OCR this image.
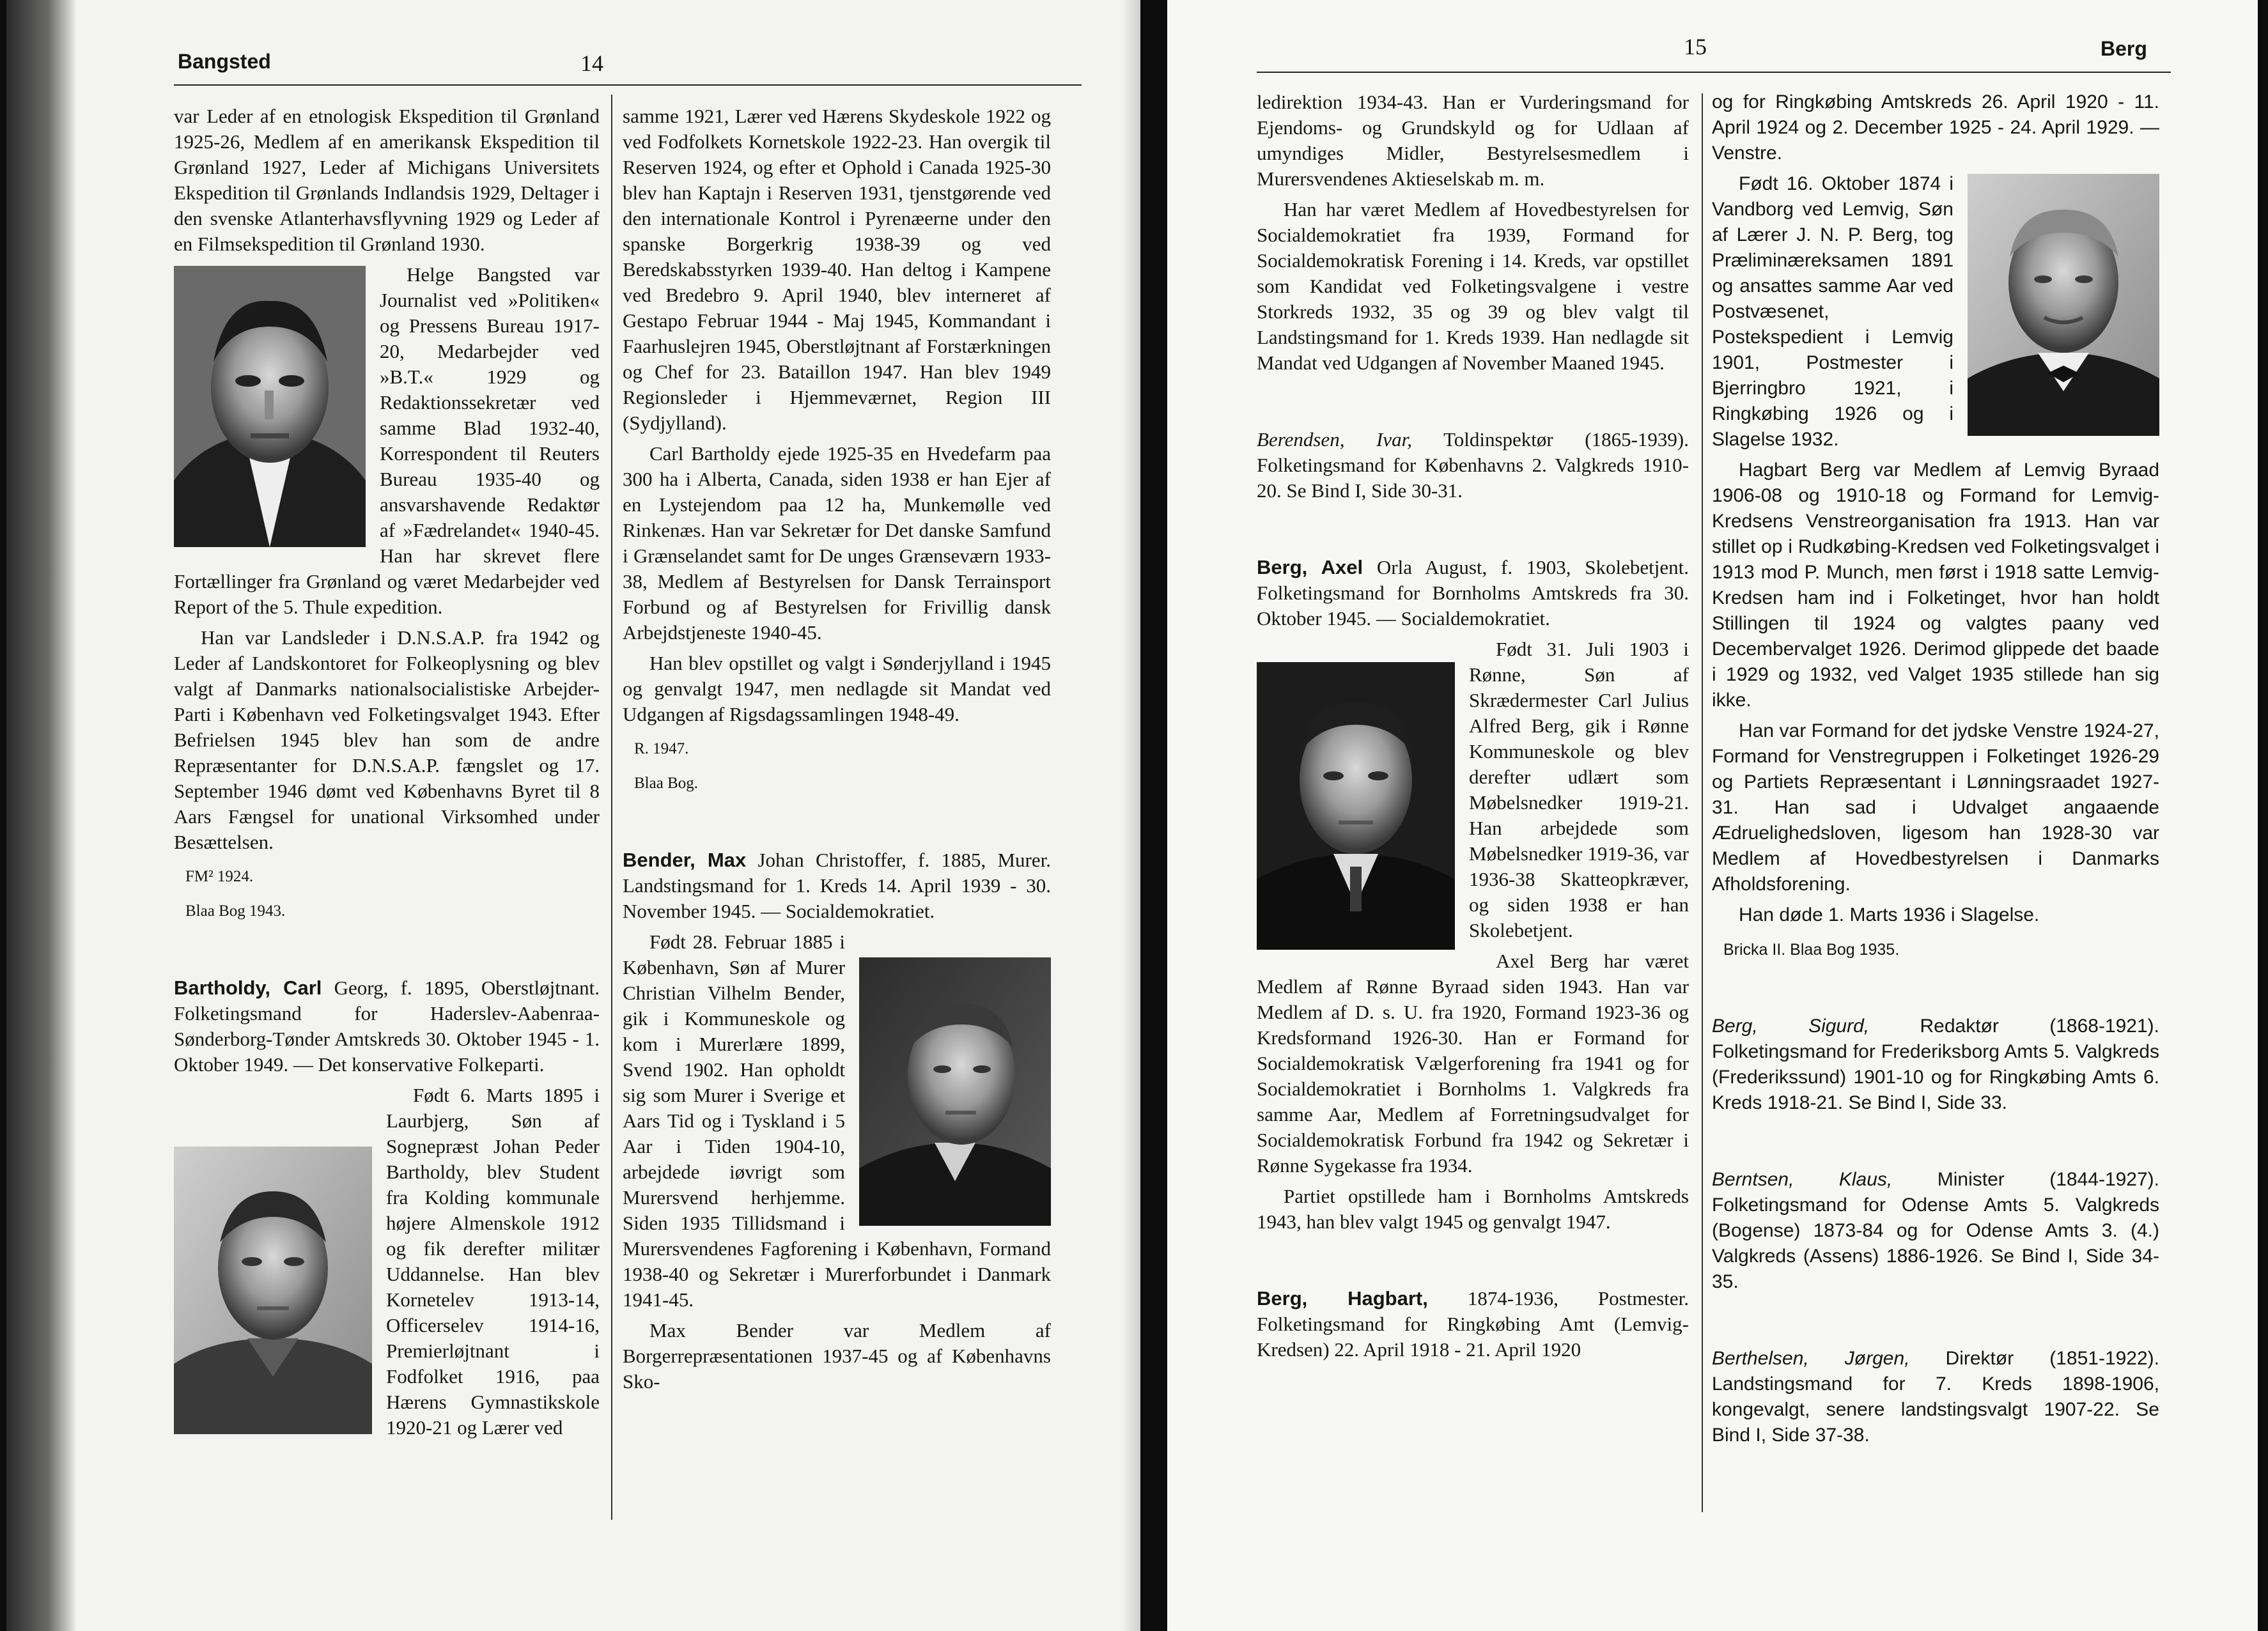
Bangsted	14

var Leder af en etnologisk Ekspedition til Grønland 1925-26, Medlem af en amerikansk Ekspedition til Grønland 1927, Leder af Michigans Universitets Ekspedition til Grønlands Indlandsis 1929, Deltager i den svenske Atlanterhavsflyvning 1929 og Leder af en Filmsekspedition til Grønland 1930.

Helge Bangsted var Journalist ved »Politiken« og Pressens Bureau 1917-20, Medarbejder ved »B.T.« 1929 og Redaktionssekretær ved samme Blad 1932-40, Korrespondent til Reuters Bureau 1935-40 og ansvarshavende Redaktør af »Fædrelandet« 1940-45. Han har skrevet flere Fortællinger fra Grønland og været Medarbejder ved Report of the 5. Thule expedition.

Han var Landsleder i D.N.S.A.P. fra 1942 og Leder af Landskontoret for Folkeoplysning og blev valgt af Danmarks nationalsocialistiske Arbejder-Parti i København ved Folketingsvalget 1943. Efter Befrielsen 1945 blev han som de andre Repræsentanter for D.N.S.A.P. fængslet og 17. September 1946 dømt ved Københavns Byret til 8 Aars Fængsel for unational Virksomhed under Besættelsen.

FM² 1924.

Blaa Bog 1943.

Bartholdy, Carl Georg, f. 1895, Oberstløjtnant. Folketingsmand for Haderslev-Aabenraa-Sønderborg-Tønder Amtskreds 30. Oktober 1945 - 1. Oktober 1949. — Det konservative Folkeparti.

Født 6. Marts 1895 i Laurbjerg, Søn af Sognepræst Johan Peder Bartholdy, blev Student fra Kolding kommunale højere Almenskole 1912 og fik derefter militær Uddannelse. Han blev Kornetelev 1913-14, Officerselev 1914-16, Premierløjtnant i Fodfolket 1916, paa Hærens Gymnastikskole 1920-21 og Lærer ved

samme 1921, Lærer ved Hærens Skydeskole 1922 og ved Fodfolkets Kornetskole 1922-23. Han overgik til Reserven 1924, og efter et Ophold i Canada 1925-30 blev han Kaptajn i Reserven 1931, tjenstgørende ved den internationale Kontrol i Pyrenæerne under den spanske Borgerkrig 1938-39 og ved Beredskabsstyrken 1939-40. Han deltog i Kampene ved Bredebro 9. April 1940, blev interneret af Gestapo Februar 1944 - Maj 1945, Kommandant i Faarhuslejren 1945, Oberstløjtnant af Forstærkningen og Chef for 23. Bataillon 1947. Han blev 1949 Regionsleder i Hjemmeværnet, Region III (Sydjylland).

Carl Bartholdy ejede 1925-35 en Hvedefarm paa 300 ha i Alberta, Canada, siden 1938 er han Ejer af en Lystejendom paa 12 ha, Munkemølle ved Rinkenæs. Han var Sekretær for Det danske Samfund i Grænselandet samt for De unges Grænseværn 1933-38, Medlem af Bestyrelsen for Dansk Terrainsport Forbund og af Bestyrelsen for Frivillig dansk Arbejdstjeneste 1940-45.

Han blev opstillet og valgt i Sønderjylland i 1945 og genvalgt 1947, men nedlagde sit Mandat ved Udgangen af Rigsdagssamlingen 1948-49.

R. 1947.

Blaa Bog.

Bender, Max Johan Christoffer, f. 1885, Murer. Landstingsmand for 1. Kreds 14. April 1939 - 30. November 1945. — Socialdemokratiet.

Født 28. Februar 1885 i København, Søn af Murer Christian Vilhelm Bender, gik i Kommuneskole og kom i Murerlære 1899, Svend 1902. Han opholdt sig som Murer i Sverige et Aars Tid og i Tyskland i 5 Aar i Tiden 1904-10, arbejdede iøvrigt som Murersvend herhjemme. Siden 1935 Tillidsmand i Murersvendenes Fagforening i København, Formand 1938-40 og Sekretær i Murerforbundet i Danmark 1941-45.

Max Bender var Medlem af Borgerrepræsentationen 1937-45 og af Københavns Sko-

15	Berg

ledirektion 1934-43. Han er Vurderingsmand for Ejendoms- og Grundskyld og for Udlaan af umyndiges Midler, Bestyrelsesmedlem i Murersvendenes Aktieselskab m. m.

Han har været Medlem af Hovedbestyrelsen for Socialdemokratiet fra 1939, Formand for Socialdemokratisk Forening i 14. Kreds, var opstillet som Kandidat ved Folketingsvalgene i vestre Storkreds 1932, 35 og 39 og blev valgt til Landstingsmand for 1. Kreds 1939. Han nedlagde sit Mandat ved Udgangen af November Maaned 1945.

Berendsen, Ivar, Toldinspektør (1865-1939). Folketingsmand for Københavns 2. Valgkreds 1910-20. Se Bind I, Side 30-31.

Berg, Axel Orla August, f. 1903, Skolebetjent. Folketingsmand for Bornholms Amtskreds fra 30. Oktober 1945. — Socialdemokratiet.

Født 31. Juli 1903 i Rønne, Søn af Skrædermester Carl Julius Alfred Berg, gik i Rønne Kommuneskole og blev derefter udlært som Møbelsnedker 1919-21. Han arbejdede som Møbelsnedker 1919-36, var 1936-38 Skatteopkræver, og siden 1938 er han Skolebetjent.

Axel Berg har været Medlem af Rønne Byraad siden 1943. Han var Medlem af D. s. U. fra 1920, Formand 1923-36 og Kredsformand 1926-30. Han er Formand for Socialdemokratisk Vælgerforening fra 1941 og for Socialdemokratiet i Bornholms 1. Valgkreds fra samme Aar, Medlem af Forretningsudvalget for Socialdemokratisk Forbund fra 1942 og Sekretær i Rønne Sygekasse fra 1934.

Partiet opstillede ham i Bornholms Amtskreds 1943, han blev valgt 1945 og genvalgt 1947.

Berg, Hagbart, 1874-1936, Postmester. Folketingsmand for Ringkøbing Amt (Lemvig-Kredsen) 22. April 1918 - 21. April 1920

og for Ringkøbing Amtskreds 26. April 1920 - 11. April 1924 og 2. December 1925 - 24. April 1929. — Venstre.

Født 16. Oktober 1874 i Vandborg ved Lemvig, Søn af Lærer J. N. P. Berg, tog Præliminæreksamen 1891 og ansattes samme Aar ved Postvæsenet, Postekspedient i Lemvig 1901, Postmester i Bjerringbro 1921, i Ringkøbing 1926 og i Slagelse 1932.

Hagbart Berg var Medlem af Lemvig Byraad 1906-08 og 1910-18 og Formand for Lemvig-Kredsens Venstreorganisation fra 1913. Han var stillet op i Rudkøbing-Kredsen ved Folketingsvalget i 1913 mod P. Munch, men først i 1918 satte Lemvig-Kredsen ham ind i Folketinget, hvor han holdt Stillingen til 1924 og valgtes paany ved Decembervalget 1926. Derimod glippede det baade i 1929 og 1932, ved Valget 1935 stillede han sig ikke.

Han var Formand for det jydske Venstre 1924-27, Formand for Venstregruppen i Folketinget 1926-29 og Partiets Repræsentant i Lønningsraadet 1927-31. Han sad i Udvalget angaaende Ædruelighedsloven, ligesom han 1928-30 var Medlem af Hovedbestyrelsen i Danmarks Afholdsforening.

Han døde 1. Marts 1936 i Slagelse.

Bricka II. Blaa Bog 1935.

Berg, Sigurd, Redaktør (1868-1921). Folketingsmand for Frederiksborg Amts 5. Valgkreds (Frederikssund) 1901-10 og for Ringkøbing Amts 6. Kreds 1918-21. Se Bind I, Side 33.

Berntsen, Klaus, Minister (1844-1927). Folketingsmand for Odense Amts 5. Valgkreds (Bogense) 1873-84 og for Odense Amts 3. (4.) Valgkreds (Assens) 1886-1926. Se Bind I, Side 34-35.

Berthelsen, Jørgen, Direktør (1851-1922). Landstingsmand for 7. Kreds 1898-1906, kongevalgt, senere landstingsvalgt 1907-22. Se Bind I, Side 37-38.
